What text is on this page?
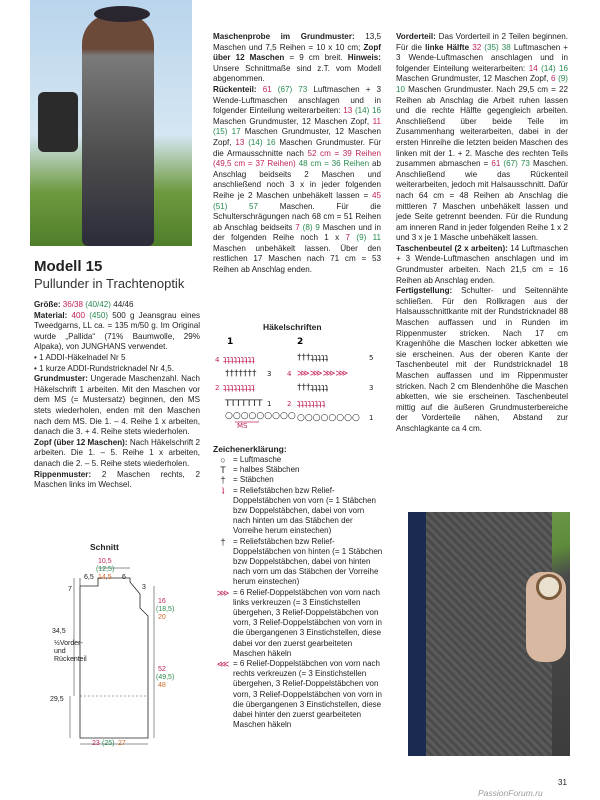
Modell 15
Pullunder in Trachtenoptik
Größe: 36/38 (40/42) 44/46
Material: 400 (450) 500 g Jeansgrau eines Tweedgarns, LL ca. = 135 m/50 g. Im Original wurde „Pallida“ (71% Baumwolle, 29% Alpaka), von JUNGHANS verwendet.
• 1 ADDI-Häkelnadel Nr 5
• 1 kurze ADDI-Rundstricknadel Nr 4,5.
Grundmuster: Ungerade Maschenzahl. Nach Häkelschrift 1 arbeiten. Mit den Maschen vor dem MS (= Mustersatz) beginnen, den MS stets wiederholen, enden mit den Maschen nach dem MS. Die 1. – 4. Reihe 1 x arbeiten, danach die 3. + 4. Reihe stets wiederholen.
Zopf (über 12 Maschen): Nach Häkelschrift 2 arbeiten. Die 1. – 5. Reihe 1 x arbeiten, danach die 2. – 5. Reihe stets wiederholen.
Rippenmuster: 2 Maschen rechts, 2 Maschen links im Wechsel.
Schnitt
10,5
(12,5)
14,5
6,5	6
3
7
16
(18,5)
20
34,5
½Vorder- und Rückenteil
52
(49,5)
48
29,5
23 (25) 27
Maschenprobe im Grundmuster: 13,5 Maschen und 7,5 Reihen = 10 x 10 cm; Zopf über 12 Maschen = 9 cm breit. Hinweis: Unsere Schnittmaße sind z.T. vom Modell abgenommen.
Rückenteil: 61 (67) 73 Luftmaschen + 3 Wende-Luftmaschen anschlagen und in folgender Einteilung weiterarbeiten: 13 (14) 16 Maschen Grundmuster, 12 Maschen Zopf, 11 (15) 17 Maschen Grundmuster, 12 Maschen Zopf, 13 (14) 16 Maschen Grundmuster. Für die Armausschnitte nach 52 cm = 39 Reihen (49,5 cm = 37 Reihen) 48 cm = 36 Reihen ab Anschlag beidseits 2 Maschen und anschließend noch 3 x in jeder folgenden Reihe je 2 Maschen unbehäkelt lassen = 45 (51)	57	Maschen. Für die Schulterschrägungen nach 68 cm = 51 Reihen ab Anschlag beidseits 7 (8) 9 Maschen und in der folgenden Reihe noch 1 x 7 (9) 11 Maschen unbehäkelt lassen. Über den restlichen 17 Maschen nach 71 cm = 53 Reihen ab Anschlag enden.
Häkelschriften
1	2
4
3
2
1
MS
5
4
3
2
1
ʇʇʇʇʇʇʇʇʇ
†††††††
ʇʇʇʇʇʇʇʇʇ
TTTTTTT
○○○○○○○○○
†††ʇʇʇʇʇ
⋙⋙⋙⋙
†††ʇʇʇʇʇ
ʇʇʇʇʇʇʇʇ
○○○○○○○○
Zeichenerklärung:
○ = Luftmasche
T = halbes Stäbchen
† = Stäbchen
ʇ	= Reliefstäbchen bzw Relief-Doppelstäbchen von vorn (= 1 Stäbchen bzw Doppelstäbchen, dabei von vorn nach hinten um das Stäbchen der Vorreihe herum einstechen)
† = Reliefstäbchen bzw Relief-Doppelstäbchen von hinten (= 1 Stäbchen bzw Doppelstäbchen, dabei von hinten nach vorn um das Stäbchen der Vorreihe herum einstechen)
⋙ = 6 Relief-Doppelstäbchen von vorn nach links verkreuzen (= 3 Einstichstellen übergehen, 3 Relief-Doppelstäbchen von vorn, 3 Relief-Doppelstäbchen von vorn in die übergangenen 3 Einstichstellen, diese dabei vor den zuerst gearbeiteten Maschen häkeln
⋘ = 6 Relief-Doppelstäbchen von vorn nach rechts verkreuzen (= 3 Einstichstellen übergehen, 3 Relief-Doppelstäbchen von vorn, 3 Relief-Doppelstäbchen von vorn in die übergangenen 3 Einstichstellen, diese dabei hinter den zuerst gearbeiteten Maschen häkeln
Vorderteil: Das Vorderteil in 2 Teilen beginnen. Für die linke Hälfte 32 (35) 38 Luftmaschen + 3 Wende-Luftmaschen anschlagen und in folgender Einteilung weiterarbeiten: 14 (14) 16 Maschen Grundmuster, 12 Maschen Zopf, 6 (9) 10 Maschen Grundmuster. Nach 29,5 cm = 22 Reihen ab Anschlag die Arbeit ruhen lassen und die rechte Hälfte gegengleich arbeiten. Anschließend über beide Teile im Zusammenhang weiterarbeiten, dabei in der ersten Hinreihe die letzten beiden Maschen des linken mit der 1. + 2. Masche des rechten Teils zusammen abmaschen = 61 (67) 73 Maschen. Anschließend wie das Rückenteil weiterarbeiten, jedoch mit Halsausschnitt. Dafür nach 64 cm = 48 Reihen ab Anschlag die mittleren 7 Maschen unbehäkelt lassen und jede Seite getrennt beenden. Für die Rundung am inneren Rand in jeder folgenden Reihe 1 x 2 und 3 x je 1 Masche unbehäkelt lassen.
Taschenbeutel (2 x arbeiten): 14 Luftmaschen + 3 Wende-Luftmaschen anschlagen und im Grundmuster arbeiten. Nach 21,5 cm = 16 Reihen ab Anschlag enden.
Fertigstellung: Schulter- und Seitennähte schließen. Für den Rollkragen aus der Halsausschnittkante mit der Rundstricknadel 88 Maschen auffassen und in Runden im Rippenmuster stricken. Nach 17 cm Kragenhöhe die Maschen locker abketten wie sie erscheinen. Aus der oberen Kante der Taschenbeutel mit der Rundstricknadel 18 Maschen auffassen und im Rippenmuster stricken. Nach 2 cm Blendenhöhe die Maschen abketten, wie sie erscheinen. Taschenbeutel mittig auf die äußeren Grundmusterbereiche der Vorderteile nähen, Abstand zur Anschlagkante ca 4 cm.
31
PassionForum.ru
